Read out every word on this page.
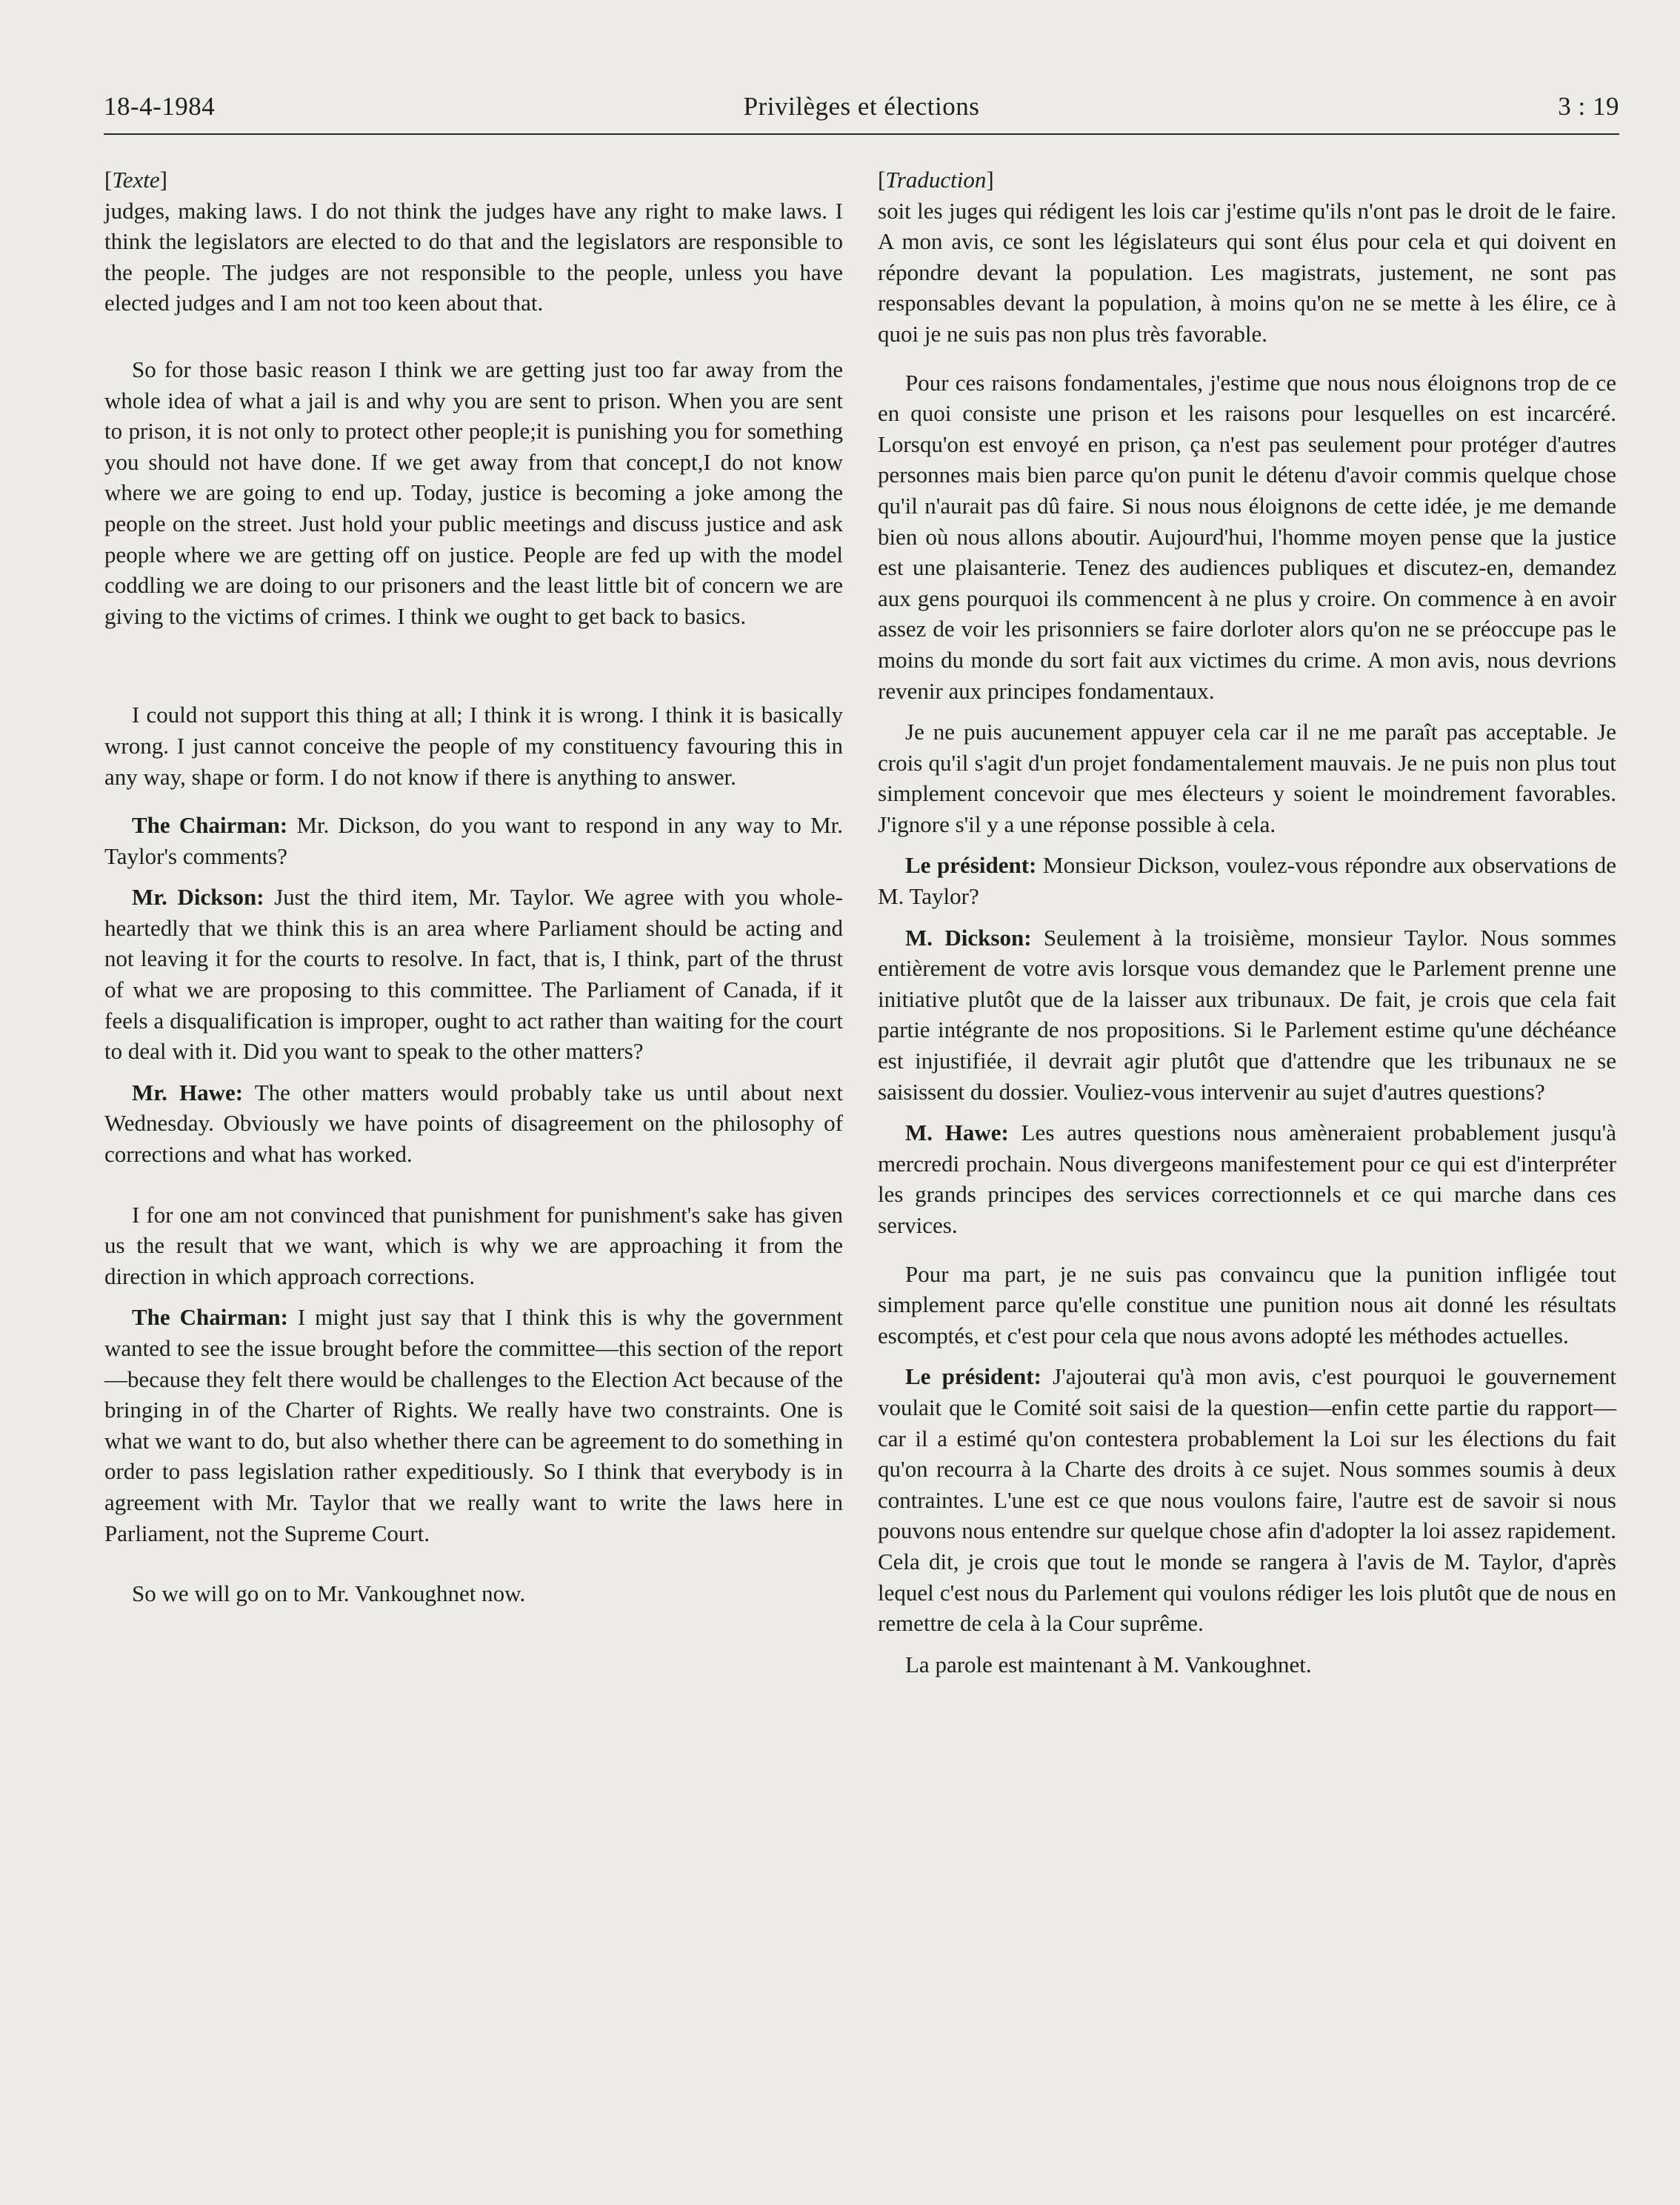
18-4-1984	Privilèges et élections	3 : 19

[Texte]

judges, making laws. I do not think the judges have any right to make laws. I think the legislators are elected to do that and the legislators are responsible to the people. The judges are not responsible to the people, unless you have elected judges and I am not too keen about that.

So for those basic reason I think we are getting just too far away from the whole idea of what a jail is and why you are sent to prison. When you are sent to prison, it is not only to protect other people;it is punishing you for something you should not have done. If we get away from that concept,I do not know where we are going to end up. Today, justice is becoming a joke among the people on the street. Just hold your public meetings and discuss justice and ask people where we are getting off on justice. People are fed up with the model coddling we are doing to our prisoners and the least little bit of concern we are giving to the victims of crimes. I think we ought to get back to basics.

I could not support this thing at all; I think it is wrong. I think it is basically wrong. I just cannot conceive the people of my constituency favouring this in any way, shape or form. I do not know if there is anything to answer.

The Chairman: Mr. Dickson, do you want to respond in any way to Mr. Taylor's comments?

Mr. Dickson: Just the third item, Mr. Taylor. We agree with you whole-heartedly that we think this is an area where Parliament should be acting and not leaving it for the courts to resolve. In fact, that is, I think, part of the thrust of what we are proposing to this committee. The Parliament of Canada, if it feels a disqualification is improper, ought to act rather than waiting for the court to deal with it. Did you want to speak to the other matters?

Mr. Hawe: The other matters would probably take us until about next Wednesday. Obviously we have points of disagreement on the philosophy of corrections and what has worked.

I for one am not convinced that punishment for punishment's sake has given us the result that we want, which is why we are approaching it from the direction in which approach corrections.

The Chairman: I might just say that I think this is why the government wanted to see the issue brought before the committee—this section of the report—because they felt there would be challenges to the Election Act because of the bringing in of the Charter of Rights. We really have two constraints. One is what we want to do, but also whether there can be agreement to do something in order to pass legislation rather expeditiously. So I think that everybody is in agreement with Mr. Taylor that we really want to write the laws here in Parliament, not the Supreme Court.

So we will go on to Mr. Vankoughnet now.

[Traduction]

soit les juges qui rédigent les lois car j'estime qu'ils n'ont pas le droit de le faire. A mon avis, ce sont les législateurs qui sont élus pour cela et qui doivent en répondre devant la population. Les magistrats, justement, ne sont pas responsables devant la population, à moins qu'on ne se mette à les élire, ce à quoi je ne suis pas non plus très favorable.

Pour ces raisons fondamentales, j'estime que nous nous éloignons trop de ce en quoi consiste une prison et les raisons pour lesquelles on est incarcéré. Lorsqu'on est envoyé en prison, ça n'est pas seulement pour protéger d'autres personnes mais bien parce qu'on punit le détenu d'avoir commis quelque chose qu'il n'aurait pas dû faire. Si nous nous éloignons de cette idée, je me demande bien où nous allons aboutir. Aujourd'hui, l'homme moyen pense que la justice est une plaisanterie. Tenez des audiences publiques et discutez-en, demandez aux gens pourquoi ils commencent à ne plus y croire. On commence à en avoir assez de voir les prisonniers se faire dorloter alors qu'on ne se préoccupe pas le moins du monde du sort fait aux victimes du crime. A mon avis, nous devrions revenir aux principes fondamentaux.

Je ne puis aucunement appuyer cela car il ne me paraît pas acceptable. Je crois qu'il s'agit d'un projet fondamentalement mauvais. Je ne puis non plus tout simplement concevoir que mes électeurs y soient le moindrement favorables. J'ignore s'il y a une réponse possible à cela.

Le président: Monsieur Dickson, voulez-vous répondre aux observations de M. Taylor?

M. Dickson: Seulement à la troisième, monsieur Taylor. Nous sommes entièrement de votre avis lorsque vous demandez que le Parlement prenne une initiative plutôt que de la laisser aux tribunaux. De fait, je crois que cela fait partie intégrante de nos propositions. Si le Parlement estime qu'une déchéance est injustifiée, il devrait agir plutôt que d'attendre que les tribunaux ne se saisissent du dossier. Vouliez-vous intervenir au sujet d'autres questions?

M. Hawe: Les autres questions nous amèneraient probablement jusqu'à mercredi prochain. Nous divergeons manifestement pour ce qui est d'interpréter les grands principes des services correctionnels et ce qui marche dans ces services.

Pour ma part, je ne suis pas convaincu que la punition infligée tout simplement parce qu'elle constitue une punition nous ait donné les résultats escomptés, et c'est pour cela que nous avons adopté les méthodes actuelles.

Le président: J'ajouterai qu'à mon avis, c'est pourquoi le gouvernement voulait que le Comité soit saisi de la question—enfin cette partie du rapport—car il a estimé qu'on contestera probablement la Loi sur les élections du fait qu'on recourra à la Charte des droits à ce sujet. Nous sommes soumis à deux contraintes. L'une est ce que nous voulons faire, l'autre est de savoir si nous pouvons nous entendre sur quelque chose afin d'adopter la loi assez rapidement. Cela dit, je crois que tout le monde se rangera à l'avis de M. Taylor, d'après lequel c'est nous du Parlement qui voulons rédiger les lois plutôt que de nous en remettre de cela à la Cour suprême.

La parole est maintenant à M. Vankoughnet.
